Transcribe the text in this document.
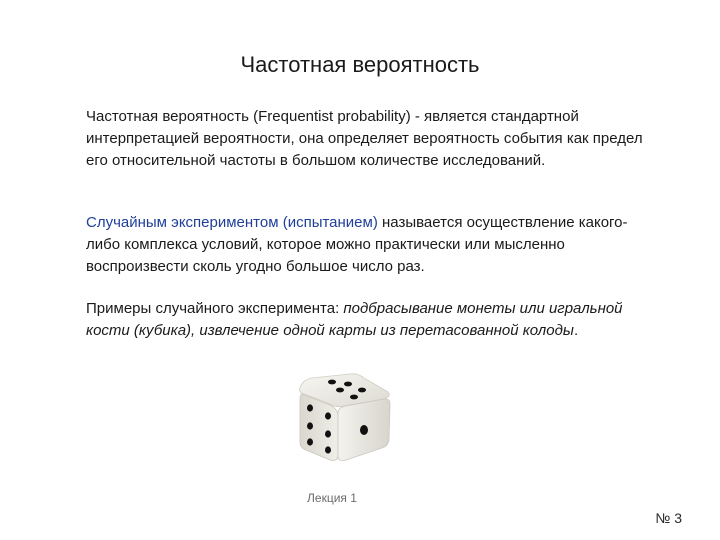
Частотная вероятность
Частотная вероятность (Frequentist probability) - является стандартной интерпретацией вероятности, она определяет вероятность события как предел его относительной частоты в большом количестве исследований.
Случайным экспериментом (испытанием) называется осуществление какого-либо комплекса условий, которое можно практически или мысленно воспроизвести сколь угодно большое число раз.
Примеры случайного эксперимента: подбрасывание монеты или игральной кости (кубика), извлечение одной карты из перетасованной колоды.
Лекция 1
№ 3
